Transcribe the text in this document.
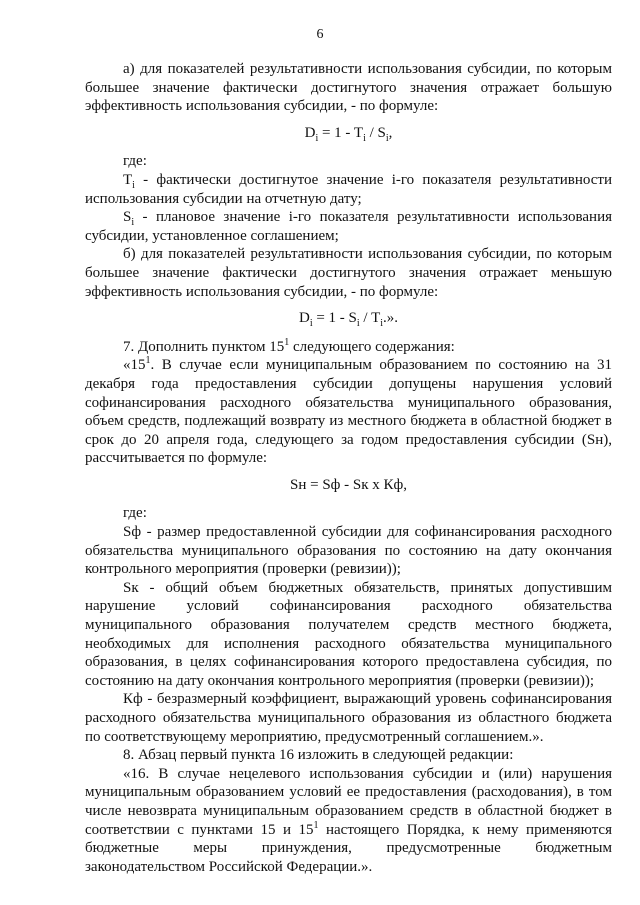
6

а) для показателей результативности использования субсидии, по которым большее значение фактически достигнутого значения отражает большую эффективность использования субсидии, - по формуле:

$D_i = 1 - T_i / S_i$,

где:

$T_i$ - фактически достигнутое значение i-го показателя результативности использования субсидии на отчетную дату;

$S_i$ - плановое значение i-го показателя результативности использования субсидии, установленное соглашением;

б) для показателей результативности использования субсидии, по которым большее значение фактически достигнутого значения отражает меньшую эффективность использования субсидии, - по формуле:

$D_i = 1 - S_i / T_i$.».

7. Дополнить пунктом $15^1$ следующего содержания:

«$15^1$. В случае если муниципальным образованием по состоянию на 31 декабря года предоставления субсидии допущены нарушения условий софинансирования расходного обязательства муниципального образования, объем средств, подлежащий возврату из местного бюджета в областной бюджет в срок до 20 апреля года, следующего за годом предоставления субсидии (Sн), рассчитывается по формуле:

Sн = Sф - Sк x Кф,

где:

Sф - размер предоставленной субсидии для софинансирования расходного обязательства муниципального образования по состоянию на дату окончания контрольного мероприятия (проверки (ревизии));

Sк - общий объем бюджетных обязательств, принятых допустившим нарушение условий софинансирования расходного обязательства муниципального образования получателем средств местного бюджета, необходимых для исполнения расходного обязательства муниципального образования, в целях софинансирования которого предоставлена субсидия, по состоянию на дату окончания контрольного мероприятия (проверки (ревизии));

Кф - безразмерный коэффициент, выражающий уровень софинансирования расходного обязательства муниципального образования из областного бюджета по соответствующему мероприятию, предусмотренный соглашением.».

8. Абзац первый пункта 16 изложить в следующей редакции:

«16. В случае нецелевого использования субсидии и (или) нарушения муниципальным образованием условий ее предоставления (расходования), в том числе невозврата муниципальным образованием средств в областной бюджет в соответствии с пунктами 15 и $15^1$ настоящего Порядка, к нему применяются бюджетные меры принуждения, предусмотренные бюджетным законодательством Российской Федерации.».
